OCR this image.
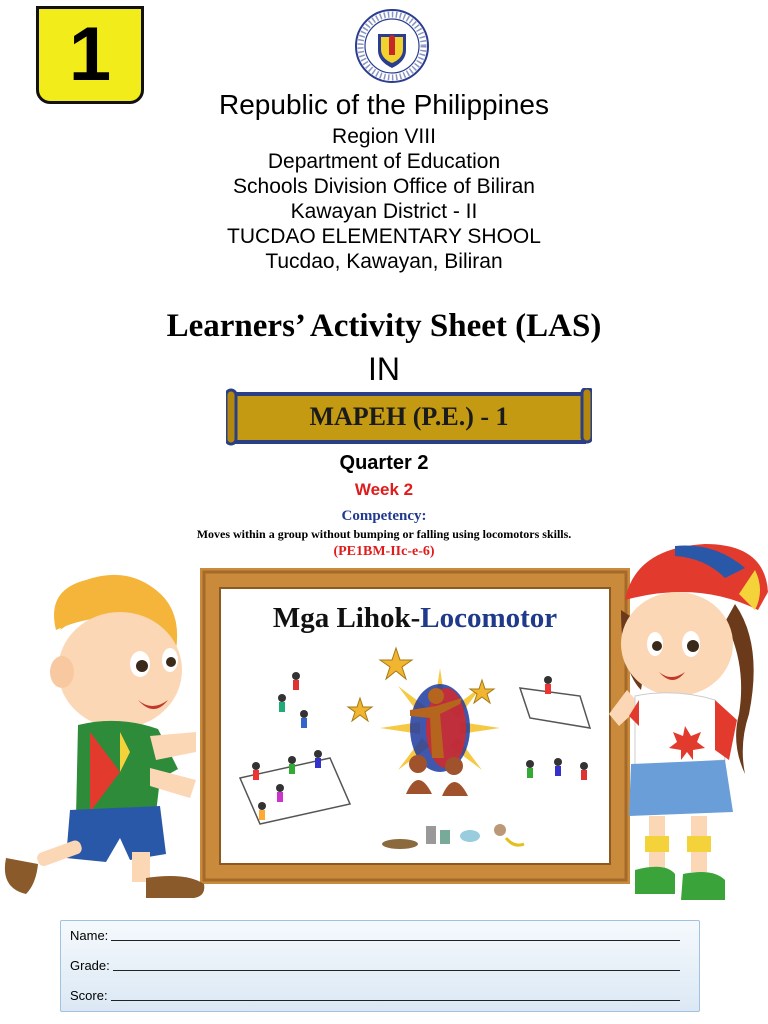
1
Republic of the Philippines
Region VIII
Department of Education
Schools Division Office of Biliran
Kawayan District - II
TUCDAO ELEMENTARY SHOOL
Tucdao, Kawayan, Biliran
Learners’ Activity Sheet (LAS)
IN
MAPEH (P.E.) - 1
Quarter 2
Week 2
Competency:
Moves within a group without bumping or falling using locomotors skills.
(PE1BM-IIc-e-6)
Mga Lihok-Locomotor
Name:
Grade:
Score:
